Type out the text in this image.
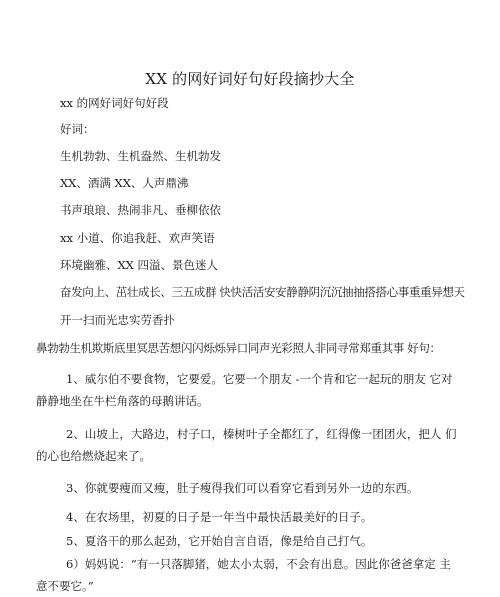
XX 的网好词好句好段摘抄大全
xx 的网好词好句好段
好词：
生机勃勃、生机盎然、生机勃发
XX、洒满 XX、人声鼎沸
书声琅琅、热闹非凡、垂柳依依
xx 小道、你追我赶、欢声笑语
环境幽雅、XX 四溢、景色迷人
奋发向上、茁壮成长、三五成群 快快活活安安静静阴沉沉抽抽搭搭心事重重异想天
开一扫而光忠实劳香扑
鼻勃勃生机欺斯底里冥思苦想闪闪烁烁异口同声光彩照人非同寻常郑重其事 好句：
1、威尔伯不要食物，它要爱。它要一个朋友 -一个肯和它一起玩的朋友 它对静静地坐在牛栏角落的母鹅讲话。
2、山坡上，大路边，村子口，榛树叶子全都红了，红得像一团团火，把人 们的心也给燃烧起来了。
3、你就要瘦而又瘦，肚子瘦得我们可以看穿它看到另外一边的东西。
4、在农场里，初夏的日子是一年当中最快活最美好的日子。
5、夏洛干的那么起劲，它开始自言自语，像是给自己打气。
6）妈妈说：“有一只落脚猪，她太小太弱，不会有出息。因此你爸爸拿定 主意不要它。”
